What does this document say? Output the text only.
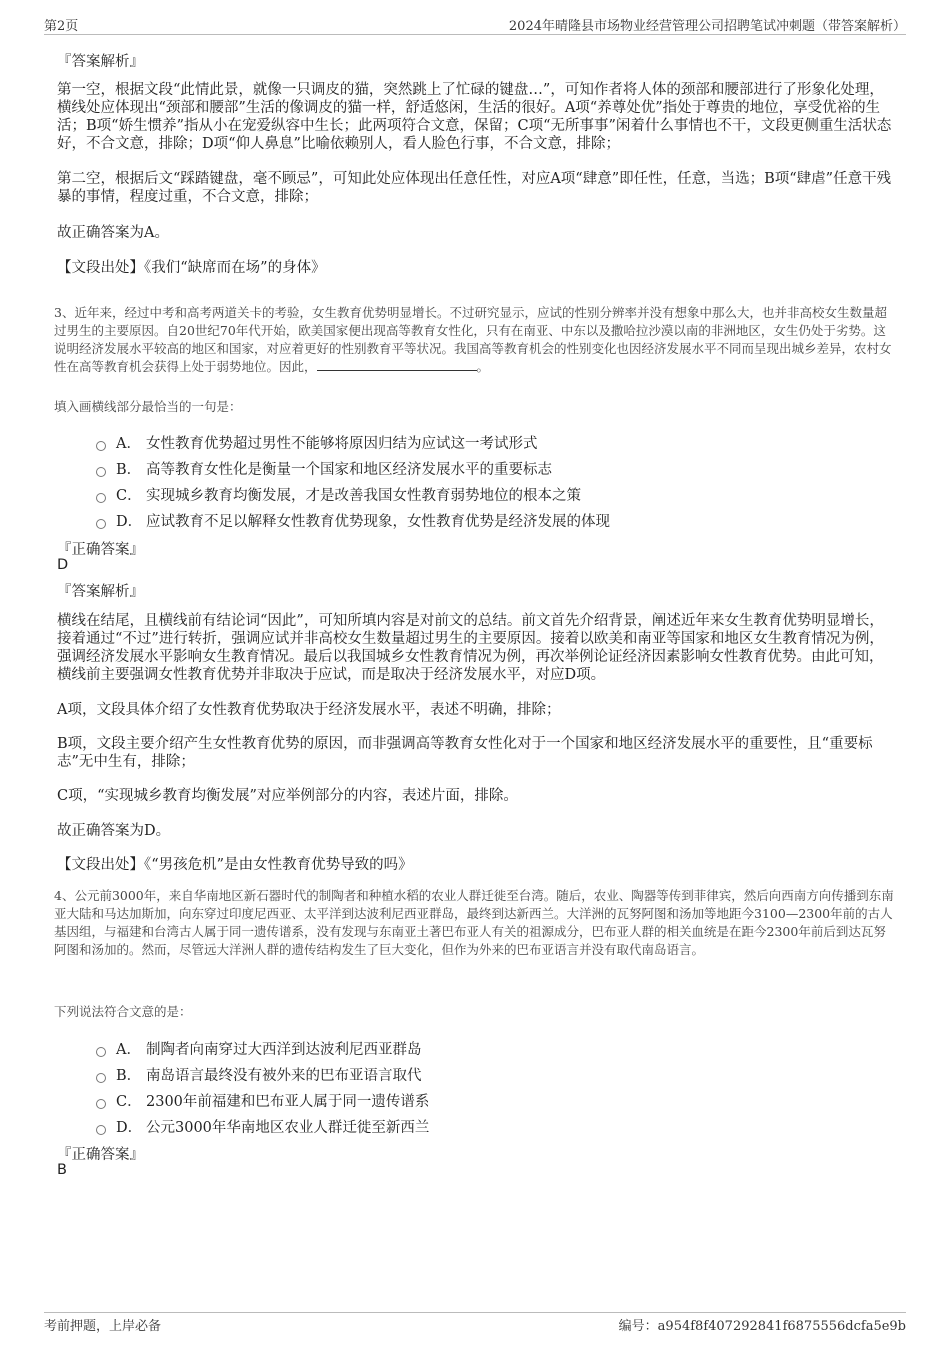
第2页	2024年晴隆县市场物业经营管理公司招聘笔试冲刺题（带答案解析）
『答案解析』

第一空，根据文段“此情此景，就像一只调皮的猫，突然跳上了忙碌的键盘…”，可知作者将人体的颈部和腰部进行了形象化处理，横线处应体现出“颈部和腰部”生活的像调皮的猫一样，舒适悠闲，生活的很好。A项“养尊处优”指处于尊贵的地位，享受优裕的生活；B项“娇生惯养”指从小在宠爱纵容中生长；此两项符合文意，保留；C项“无所事事”闲着什么事情也不干，文段更侧重生活状态好，不合文意，排除；D项“仰人鼻息”比喻依赖别人，看人脸色行事，不合文意，排除；

第二空，根据后文“踩踏键盘，毫不顾忌”，可知此处应体现出任意任性，对应A项“肆意”即任性，任意，当选；B项“肆虐”任意干残暴的事情，程度过重，不合文意，排除；

故正确答案为A。
【文段出处】《我们“缺席而在场”的身体》

3、近年来，经过中考和高考两道关卡的考验，女生教育优势明显增长。不过研究显示，应试的性别分辨率并没有想象中那么大，也并非高校女生数量超过男生的主要原因。自20世纪70年代开始，欧美国家便出现高等教育女性化，只有在南亚、中东以及撒哈拉沙漠以南的非洲地区，女生仍处于劣势。这说明经济发展水平较高的地区和国家，对应着更好的性别教育平等状况。我国高等教育机会的性别变化也因经济发展水平不同而呈现出城乡差异，农村女性在高等教育机会获得上处于弱势地位。因此，	。

填入画横线部分最恰当的一句是：
A． 女性教育优势超过男性不能够将原因归结为应试这一考试形式
B． 高等教育女性化是衡量一个国家和地区经济发展水平的重要标志
C． 实现城乡教育均衡发展，才是改善我国女性教育弱势地位的根本之策
D． 应试教育不足以解释女性教育优势现象，女性教育优势是经济发展的体现
『正确答案』
D
『答案解析』

横线在结尾，且横线前有结论词“因此”，可知所填内容是对前文的总结。前文首先介绍背景，阐述近年来女生教育优势明显增长，接着通过“不过”进行转折，强调应试并非高校女生数量超过男生的主要原因。接着以欧美和南亚等国家和地区女生教育情况为例，强调经济发展水平影响女生教育情况。最后以我国城乡女性教育情况为例，再次举例论证经济因素影响女性教育优势。由此可知，横线前主要强调女性教育优势并非取决于应试，而是取决于经济发展水平，对应D项。

A项，文段具体介绍了女性教育优势取决于经济发展水平，表述不明确，排除；

B项，文段主要介绍产生女性教育优势的原因，而非强调高等教育女性化对于一个国家和地区经济发展水平的重要性，且“重要标志”无中生有，排除；

C项，“实现城乡教育均衡发展”对应举例部分的内容，表述片面，排除。

故正确答案为D。
【文段出处】《“男孩危机”是由女性教育优势导致的吗》

4、公元前3000年，来自华南地区新石器时代的制陶者和种植水稻的农业人群迁徙至台湾。随后，农业、陶器等传到菲律宾，然后向西南方向传播到东南亚大陆和马达加斯加，向东穿过印度尼西亚、太平洋到达波利尼西亚群岛，最终到达新西兰。大洋洲的瓦努阿图和汤加等地距今3100—2300年前的古人基因组，与福建和台湾古人属于同一遗传谱系，没有发现与东南亚土著巴布亚人有关的祖源成分，巴布亚人群的相关血统是在距今2300年前后到达瓦努阿图和汤加的。然而，尽管远大洋洲人群的遗传结构发生了巨大变化，但作为外来的巴布亚语言并没有取代南岛语言。

下列说法符合文意的是：
A． 制陶者向南穿过大西洋到达波利尼西亚群岛
B． 南岛语言最终没有被外来的巴布亚语言取代
C． 2300年前福建和巴布亚人属于同一遗传谱系
D． 公元3000年华南地区农业人群迁徙至新西兰
『正确答案』
B
考前押题，上岸必备	编号：a954f8f407292841f6875556dcfa5e9b
